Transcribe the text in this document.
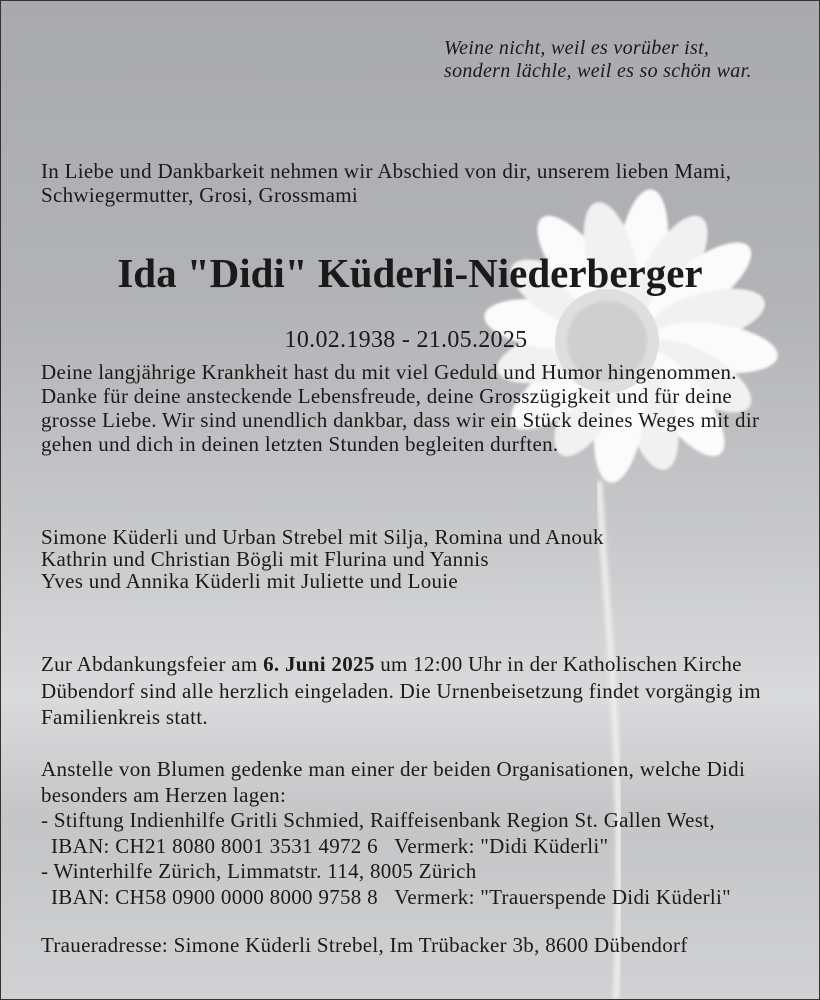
Weine nicht, weil es vorüber ist,
sondern lächle, weil es so schön war.
In Liebe und Dankbarkeit nehmen wir Abschied von dir, unserem lieben Mami,
Schwiegermutter, Grosi, Grossmami
Ida "Didi" Küderli-Niederberger
10.02.1938 - 21.05.2025
Deine langjährige Krankheit hast du mit viel Geduld und Humor hingenommen.
Danke für deine ansteckende Lebensfreude, deine Grosszügigkeit und für deine
grosse Liebe. Wir sind unendlich dankbar, dass wir ein Stück deines Weges mit dir
gehen und dich in deinen letzten Stunden begleiten durften.
Simone Küderli und Urban Strebel mit Silja, Romina und Anouk
Kathrin und Christian Bögli mit Flurina und Yannis
Yves und Annika Küderli mit Juliette und Louie
Zur Abdankungsfeier am 6. Juni 2025 um 12:00 Uhr in der Katholischen Kirche
Dübendorf sind alle herzlich eingeladen. Die Urnenbeisetzung findet vorgängig im
Familienkreis statt.
Anstelle von Blumen gedenke man einer der beiden Organisationen, welche Didi
besonders am Herzen lagen:
- Stiftung Indienhilfe Gritli Schmied, Raiffeisenbank Region St. Gallen West,
IBAN: CH21 8080 8001 3531 4972 6   Vermerk: "Didi Küderli"
- Winterhilfe Zürich, Limmatstr. 114, 8005 Zürich
IBAN: CH58 0900 0000 8000 9758 8   Vermerk: "Trauerspende Didi Küderli"
Traueradresse: Simone Küderli Strebel, Im Trübacker 3b, 8600 Dübendorf
